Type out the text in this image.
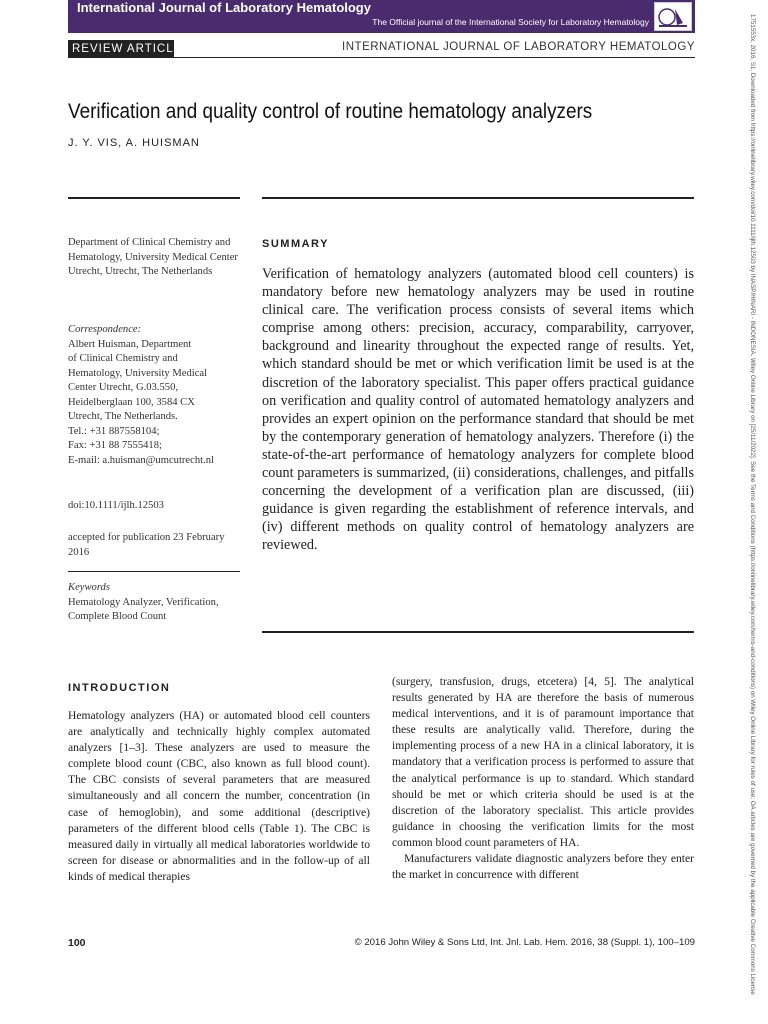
International Journal of Laboratory Hematology
The Official journal of the International Society for Laboratory Hematology
REVIEW ARTICLE	INTERNATIONAL JOURNAL OF LABORATORY HEMATOLOGY
Verification and quality control of routine hematology analyzers
J. Y. VIS, A. HUISMAN
Department of Clinical Chemistry and Hematology, University Medical Center Utrecht, Utrecht, The Netherlands
Correspondence:
Albert Huisman, Department
of Clinical Chemistry and
Hematology, University Medical
Center Utrecht, G.03.550,
Heidelberglaan 100, 3584 CX
Utrecht, The Netherlands.
Tel.: +31 887558104;
Fax: +31 88 7555418;
E-mail: a.huisman@umcutrecht.nl
doi:10.1111/ijlh.12503
accepted for publication 23 February 2016
Keywords
Hematology Analyzer, Verification, Complete Blood Count
SUMMARY
Verification of hematology analyzers (automated blood cell counters) is mandatory before new hematology analyzers may be used in routine clinical care. The verification process consists of several items which comprise among others: precision, accuracy, comparability, carryover, background and linearity throughout the expected range of results. Yet, which standard should be met or which verification limit be used is at the discretion of the laboratory specialist. This paper offers practical guidance on verification and quality control of automated hematology analyzers and provides an expert opinion on the performance standard that should be met by the contemporary generation of hematology analyzers. Therefore (i) the state-of-the-art performance of hematology analyzers for complete blood count parameters is summarized, (ii) considerations, challenges, and pitfalls concerning the development of a verification plan are discussed, (iii) guidance is given regarding the establishment of reference intervals, and (iv) different methods on quality control of hematology analyzers are reviewed.
INTRODUCTION
Hematology analyzers (HA) or automated blood cell counters are analytically and technically highly complex automated analyzers [1–3]. These analyzers are used to measure the complete blood count (CBC, also known as full blood count). The CBC consists of several parameters that are measured simultaneously and all concern the number, concentration (in case of hemoglobin), and some additional (descriptive) parameters of the different blood cells (Table 1). The CBC is measured daily in virtually all medical laboratories worldwide to screen for disease or abnormalities and in the follow-up of all kinds of medical therapies
(surgery, transfusion, drugs, etcetera) [4, 5]. The analytical results generated by HA are therefore the basis of numerous medical interventions, and it is of paramount importance that these results are analytically valid. Therefore, during the implementing process of a new HA in a clinical laboratory, it is mandatory that a verification process is performed to assure that the analytical performance is up to standard. Which standard should be met or which criteria should be used is at the discretion of the laboratory specialist. This article provides guidance in choosing the verification limits for the most common blood count parameters of HA.
Manufacturers validate diagnostic analyzers before they enter the market in concurrence with different
100	© 2016 John Wiley & Sons Ltd, Int. Jnl. Lab. Hem. 2016, 38 (Suppl. 1), 100–109	1751553x, 2016, S1, Downloaded from https://onlinelibrary.wiley.com/doi/10.1111/ijlh.12503 by INASP/HINARI - INDONESIA, Wiley Online Library on [25/11/2022]. See the Terms and Conditions (https://onlinelibrary.wiley.com/terms-and-conditions) on Wiley Online Library for rules of use; OA articles are governed by the applicable Creative Commons License
